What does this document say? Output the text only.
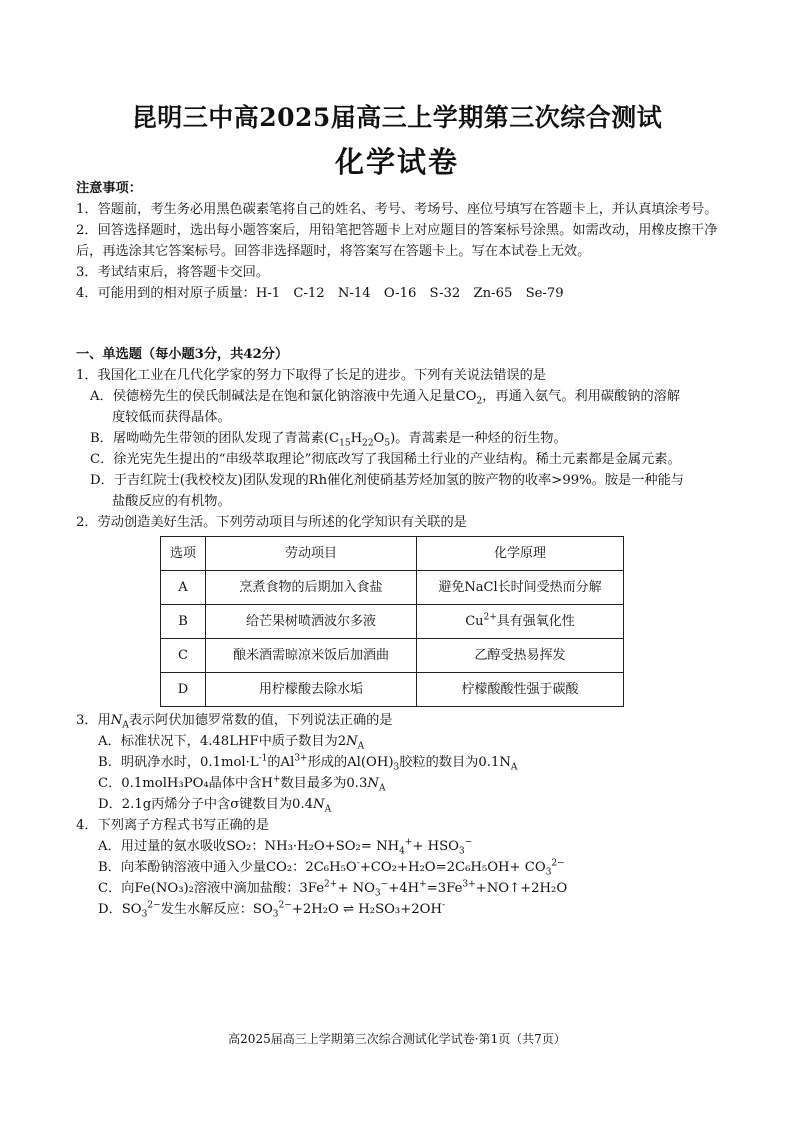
昆明三中高2025届高三上学期第三次综合测试
化学试卷
注意事项：
1．答题前，考生务必用黑色碳素笔将自己的姓名、考号、考场号、座位号填写在答题卡上，并认真填涂考号。
2．回答选择题时，选出每小题答案后，用铅笔把答题卡上对应题目的答案标号涂黑。如需改动，用橡皮擦干净后，再选涂其它答案标号。回答非选择题时，将答案写在答题卡上。写在本试卷上无效。
3．考试结束后，将答题卡交回。
4．可能用到的相对原子质量：H-1　C-12　N-14　O-16　S-32　Zn-65　Se-79
一、单选题（每小题3分，共42分）
1．我国化工业在几代化学家的努力下取得了长足的进步。下列有关说法错误的是
A．侯德榜先生的侯氏制碱法是在饱和氯化钠溶液中先通入足量$CO_2$，再通入氨气。利用碳酸钠的溶解
度较低而获得晶体。
B．屠呦呦先生带领的团队发现了青蒿素$(C_{15}H_{22}O_5)$。青蒿素是一种烃的衍生物。
C．徐光宪先生提出的“串级萃取理论”彻底改写了我国稀土行业的产业结构。稀土元素都是金属元素。
D．于吉红院士(我校校友)团队发现的Rh催化剂使硝基芳烃加氢的胺产物的收率>99%。胺是一种能与
盐酸反应的有机物。
2．劳动创造美好生活。下列劳动项目与所述的化学知识有关联的是
选项	劳动项目	化学原理
A	烹煮食物的后期加入食盐	避免NaCl长时间受热而分解
B	给芒果树喷洒波尔多液	$Cu^{2+}$具有强氧化性
C	酿米酒需晾凉米饭后加酒曲	乙醇受热易挥发
D	用柠檬酸去除水垢	柠檬酸酸性强于碳酸
3．用$N_A$表示阿伏加德罗常数的值，下列说法正确的是
A．标准状况下，4.48LHF中质子数目为$2N_A$
B．明矾净水时，$0.1mol\cdot L^{-1}$的$Al^{3+}$形成的$Al(OH)_3$胶粒的数目为$0.1N_A$
C．0.1molH₃PO₄晶体中含H+数目最多为$0.3N_A$
D．2.1g丙烯分子中含σ键数目为$0.4N_A$
4．下列离子方程式书写正确的是
A．用过量的氨水吸收SO₂：$NH_3\cdot H_2O+SO_2= NH_4^++ HSO_3^-$
B．向苯酚钠溶液中通入少量CO₂：$2C_6H_5O^-+CO_2+H_2O=2C_6H_5OH+ CO_3^{2-}$
C．向Fe(NO₃)₂溶液中滴加盐酸：$3Fe^{2+}+$ $NO_3^-+4H^+=3Fe^{3+}+NO↑+2H_2O$
D．$SO_3^{2-}$发生水解反应：$SO_3^{2-}+2H_2O$ ⇌ H₂SO₃+2OH-
高2025届高三上学期第三次综合测试化学试卷·第1页（共7页）
